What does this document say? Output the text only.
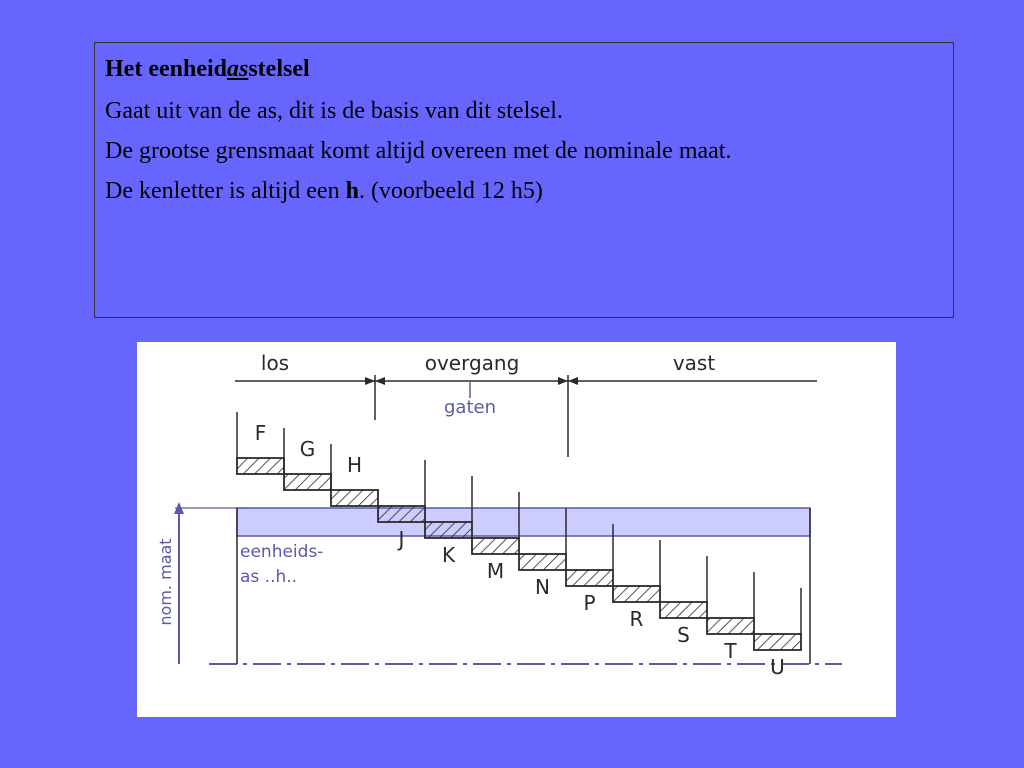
Het eenheidasstelsel

Gaat uit van de as, dit is de basis van dit stelsel.

De grootse grensmaat komt altijd overeen met de nominale maat.

De kenletter is altijd een h. (voorbeeld 12 h5)

los	overgang	vast
gaten
eenheids-
as ..h..
nom. maat
F
G
H
J
K
M
N
P
R
S
T
U
